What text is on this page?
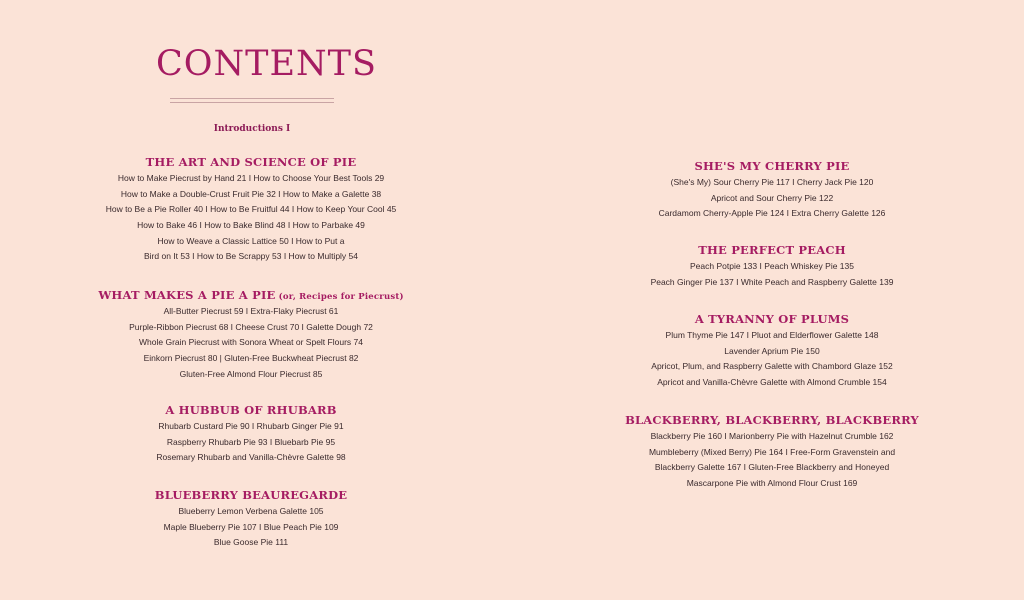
CONTENTS
Introductions I
THE ART AND SCIENCE OF PIE
How to Make Piecrust by Hand 21 I How to Choose Your Best Tools 29
How to Make a Double-Crust Fruit Pie 32 I How to Make a Galette 38
How to Be a Pie Roller 40 I How to Be Fruitful 44 I How to Keep Your Cool 45
How to Bake 46 I How to Bake Blind 48 I How to Parbake 49
How to Weave a Classic Lattice 50 I How to Put a
Bird on It 53 I How to Be Scrappy 53 I How to Multiply 54
WHAT MAKES A PIE A PIE (or, Recipes for Piecrust)
All-Butter Piecrust 59 I Extra-Flaky Piecrust 61
Purple-Ribbon Piecrust 68 I Cheese Crust 70 I Galette Dough 72
Whole Grain Piecrust with Sonora Wheat or Spelt Flours 74
Einkorn Piecrust 80 | Gluten-Free Buckwheat Piecrust 82
Gluten-Free Almond Flour Piecrust 85
A HUBBUB OF RHUBARB
Rhubarb Custard Pie 90 I Rhubarb Ginger Pie 91
Raspberry Rhubarb Pie 93 I Bluebarb Pie 95
Rosemary Rhubarb and Vanilla-Chèvre Galette 98
BLUEBERRY BEAUREGARDE
Blueberry Lemon Verbena Galette 105
Maple Blueberry Pie 107 I Blue Peach Pie 109
Blue Goose Pie 111
SHE'S MY CHERRY PIE
(She's My) Sour Cherry Pie 117 I Cherry Jack Pie 120
Apricot and Sour Cherry Pie 122
Cardamom Cherry-Apple Pie 124 I Extra Cherry Galette 126
THE PERFECT PEACH
Peach Potpie 133 I Peach Whiskey Pie 135
Peach Ginger Pie 137 I White Peach and Raspberry Galette 139
A TYRANNY OF PLUMS
Plum Thyme Pie 147 I Pluot and Elderflower Galette 148
Lavender Aprium Pie 150
Apricot, Plum, and Raspberry Galette with Chambord Glaze 152
Apricot and Vanilla-Chèvre Galette with Almond Crumble 154
BLACKBERRY, BLACKBERRY, BLACKBERRY
Blackberry Pie 160 I Marionberry Pie with Hazelnut Crumble 162
Mumbleberry (Mixed Berry) Pie 164 I Free-Form Gravenstein and
Blackberry Galette 167 I Gluten-Free Blackberry and Honeyed
Mascarpone Pie with Almond Flour Crust 169
